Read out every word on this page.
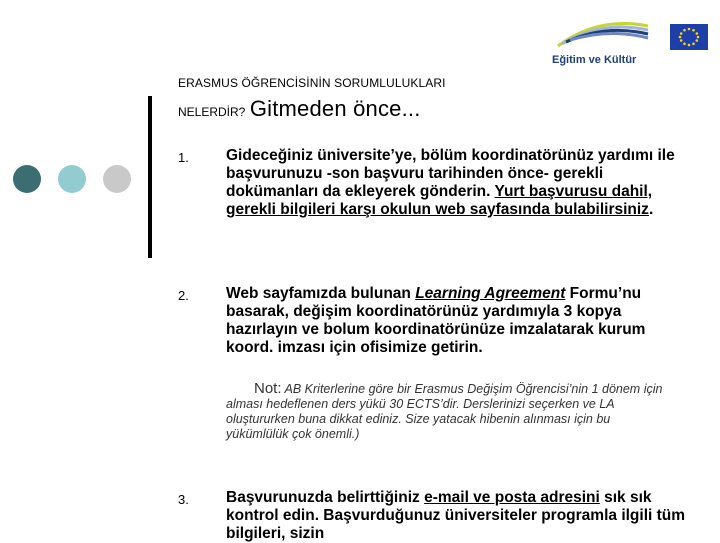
Eğitim ve Kültür
ERASMUS ÖĞRENCİSİNİN SORUMLULUKLARI
NELERDİR? Gitmeden önce...
1. Gideceğiniz üniversite’ye, bölüm koordinatörünüz yardımı ile başvurunuzu -son başvuru tarihinden önce- gerekli dokümanları da ekleyerek gönderin. Yurt başvurusu dahil, gerekli bilgileri karşı okulun web sayfasında bulabilirsiniz.
2. Web sayfamızda bulunan Learning Agreement Formu’nu basarak, değişim koordinatörünüz yardımıyla 3 kopya hazırlayın ve bolum koordinatörünüze imzalatarak kurum koord. imzası için ofisimize getirin.
Not: AB Kriterlerine göre bir Erasmus Değişim Öğrencisi’nin 1 dönem için alması hedeflenen ders yükü 30 ECTS’dir. Derslerinizi seçerken ve LA oluştururken buna dikkat ediniz. Size yatacak hibenin alınması için bu yükümlülük çok önemli.)
3. Başvurunuzda belirttiğiniz e-mail ve posta adresini sık sık kontrol edin. Başvurduğunuz üniversiteler programla ilgili tüm bilgileri, sizin
